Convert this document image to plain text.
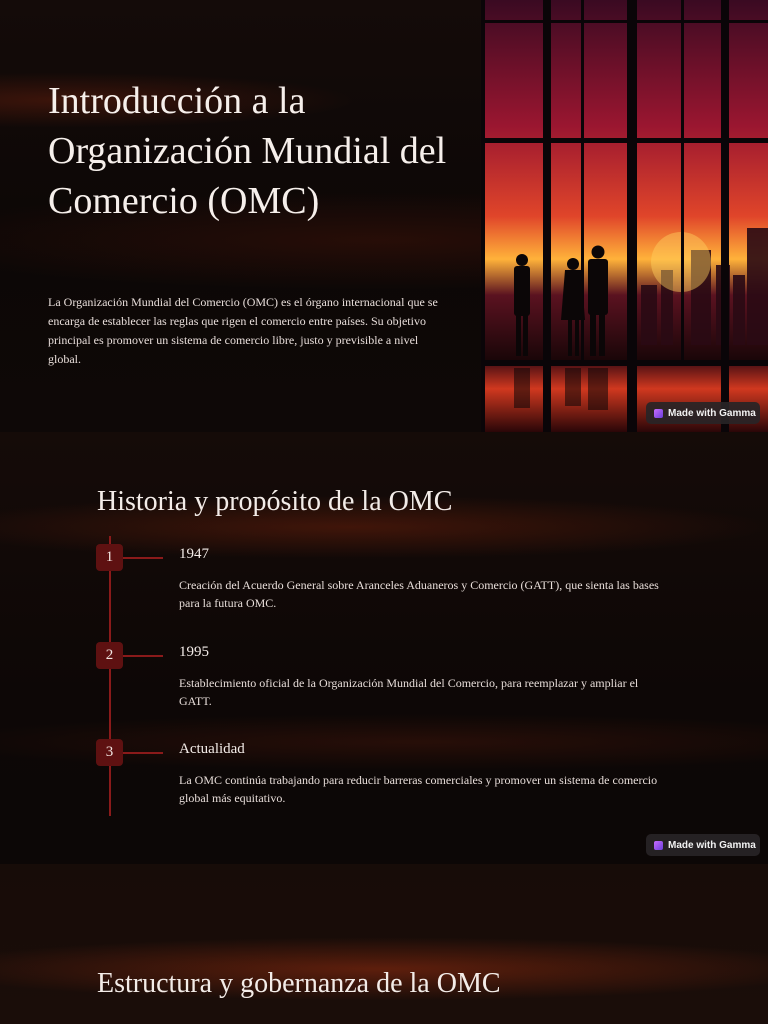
Introducción a la Organización Mundial del Comercio (OMC)

La Organización Mundial del Comercio (OMC) es el órgano internacional que se encarga de establecer las reglas que rigen el comercio entre países. Su objetivo principal es promover un sistema de comercio libre, justo y previsible a nivel global.

Made with Gamma
Historia y propósito de la OMC
1	1947

Creación del Acuerdo General sobre Aranceles Aduaneros y Comercio (GATT), que sienta las bases para la futura OMC.

2	1995

Establecimiento oficial de la Organización Mundial del Comercio, para reemplazar y ampliar el GATT.

3	Actualidad

La OMC continúa trabajando para reducir barreras comerciales y promover un sistema de comercio global más equitativo.

Made with Gamma
Estructura y gobernanza de la OMC
